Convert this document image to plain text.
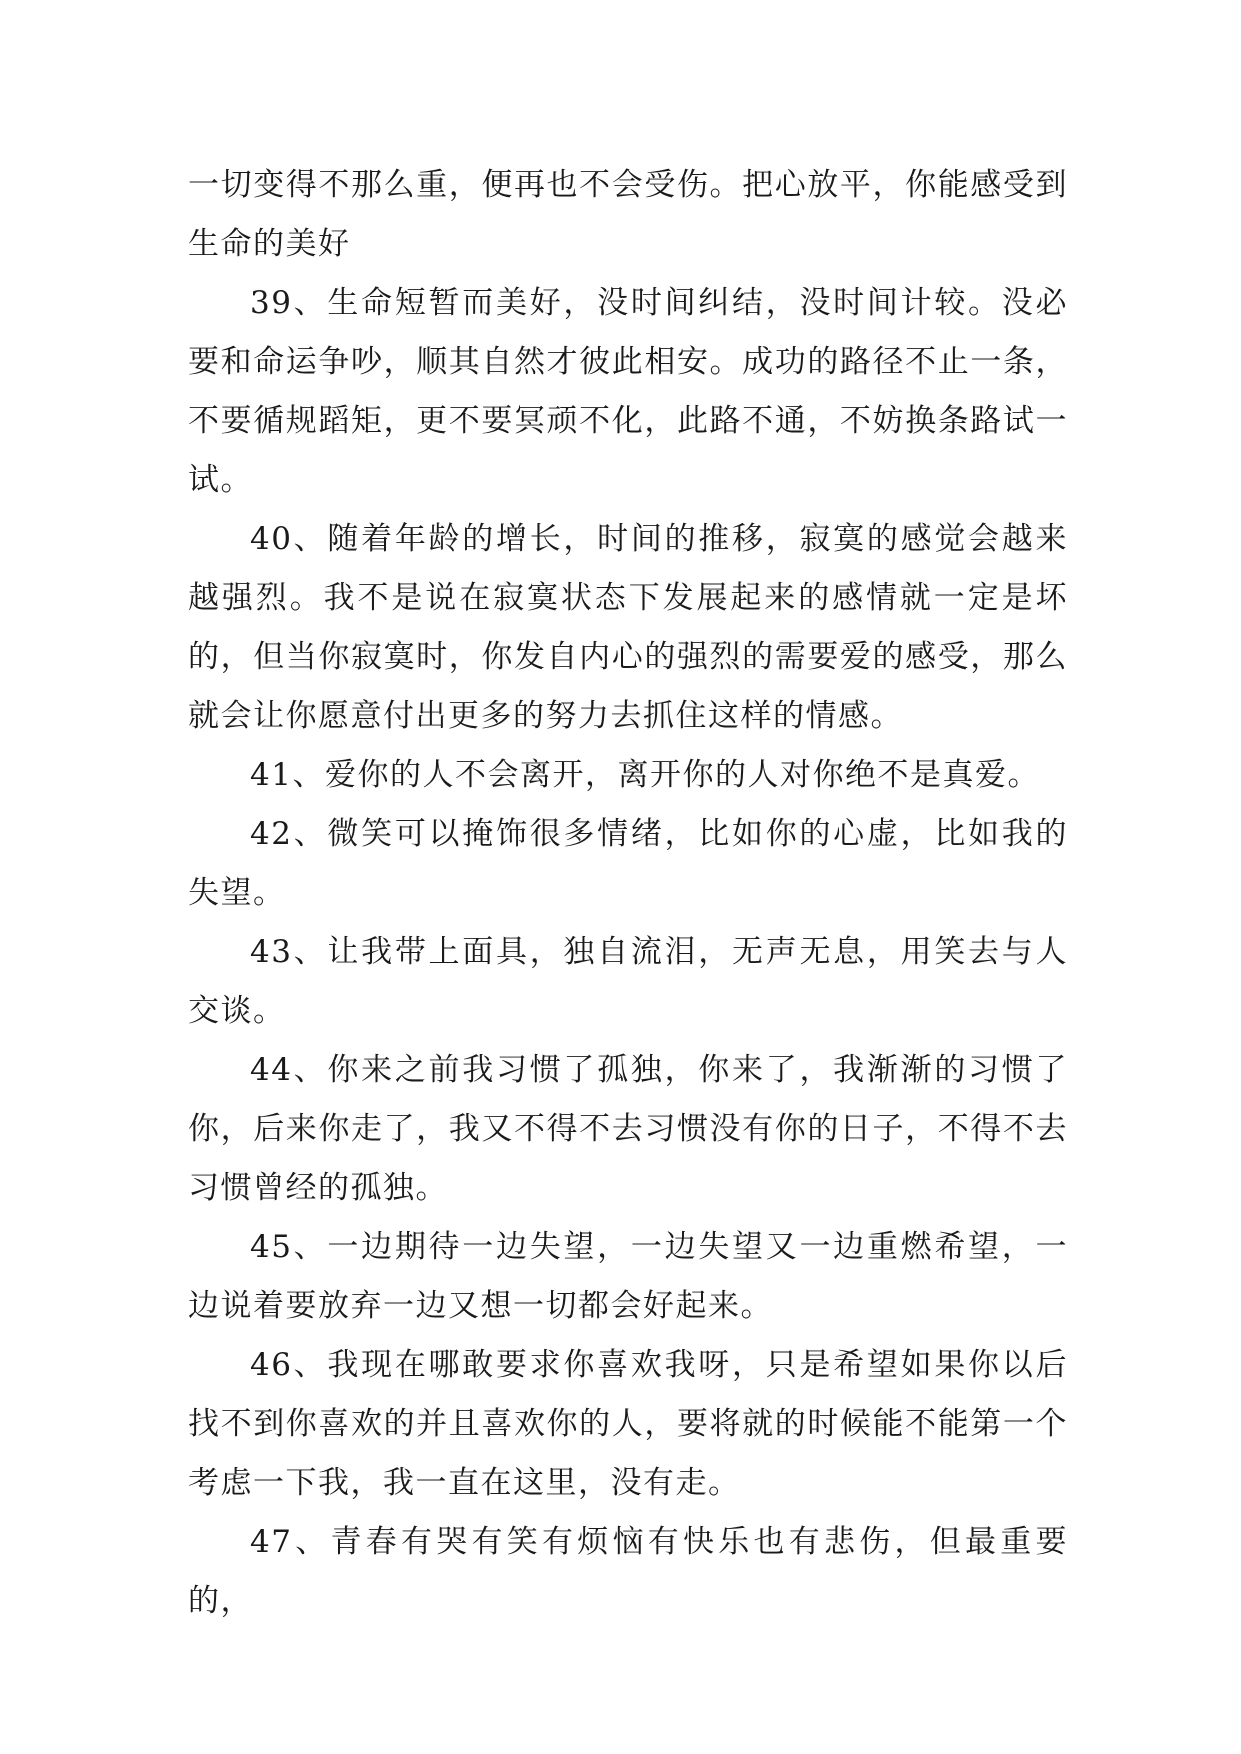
一切变得不那么重，便再也不会受伤。把心放平，你能感受到生命的美好

39、生命短暂而美好，没时间纠结，没时间计较。没必要和命运争吵，顺其自然才彼此相安。成功的路径不止一条，不要循规蹈矩，更不要冥顽不化，此路不通，不妨换条路试一试。

40、随着年龄的增长，时间的推移，寂寞的感觉会越来越强烈。我不是说在寂寞状态下发展起来的感情就一定是坏的，但当你寂寞时，你发自内心的强烈的需要爱的感受，那么就会让你愿意付出更多的努力去抓住这样的情感。

41、爱你的人不会离开，离开你的人对你绝不是真爱。

42、微笑可以掩饰很多情绪，比如你的心虚，比如我的失望。

43、让我带上面具，独自流泪，无声无息，用笑去与人交谈。

44、你来之前我习惯了孤独，你来了，我渐渐的习惯了你，后来你走了，我又不得不去习惯没有你的日子，不得不去习惯曾经的孤独。

45、一边期待一边失望，一边失望又一边重燃希望，一边说着要放弃一边又想一切都会好起来。

46、我现在哪敢要求你喜欢我呀，只是希望如果你以后找不到你喜欢的并且喜欢你的人，要将就的时候能不能第一个考虑一下我，我一直在这里，没有走。

47、青春有哭有笑有烦恼有快乐也有悲伤，但最重要的，
